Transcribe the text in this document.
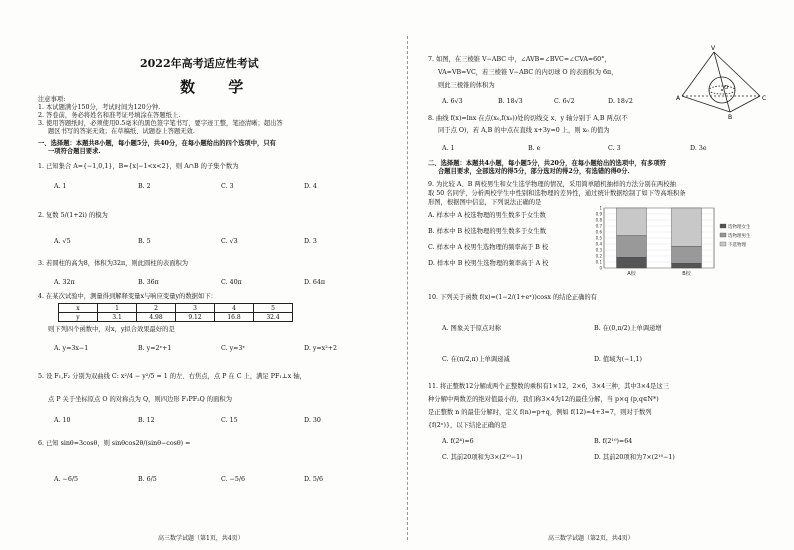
2022年高考适应性考试
数 学
注意事项:
1. 本试题满分150分，考试时间为120分钟.
2. 答卷前，务必将姓名和准考证号填涂在答题纸上.
3. 使用答题纸时，必须使用0.5毫米的黑色签字笔书写，要字迹工整，笔迹清晰；超出答
题区书写的答案无效；在草稿纸、试题卷上答题无效.
一、选择题：本题共8小题，每小题5分，共40分，在每小题给出的四个选项中，只有
一项符合题目要求.
1. 已知集合 A={−1,0,1}，B={x|−1<x<2}，则 A∩B 的子集个数为
A. 1	B. 2	C. 3	D. 4
2. 复数 5/(1+2i) 的模为
A. √5	B. 5	C. √3	D. 3
3. 若圆柱的高为8，体积为32π，则此圆柱的表面积为
A. 32π	B. 36π	C. 40π	D. 64π
4. 在某次试验中，测量得到解释变量x与响应变量y的数据如下：
x	1	2	3	4	5
y	3.1	4.98	9.12	16.8	32.4
则下列四个函数中，对x，y拟合效果最好的是
A. y=3x−1	B. y=2ˣ+1	C. y=3ˣ	D. y=x²+2
5. 设 F₁,F₂ 分别为双曲线 C: x²/4 − y²/5 = 1 的左、右焦点，点 P 在 C 上，满足 PF₁⊥x 轴，
点 P 关于坐标原点 O 的对称点为 Q，则四边形 F₁PF₂Q 的面积为
A. 10	B. 12	C. 15	D. 30
6. 已知 sinθ=3cosθ，则 sinθcos2θ/(sinθ−cosθ) =
A. −6/5	B. 6/5	C. −5/6	D. 5/6
高三数学试题（第1页，共4页）
7. 如图，在三棱锥 V−ABC 中，∠AVB=∠BVC=∠CVA=60°，
VA=VB=VC，若三棱锥 V−ABC 的内切球 O 的表面积为 6π，
则此三棱锥的体积为
A. 6√3	B. 18√3	C. 6√2	D. 18√2
V
O
A
B
C
8. 曲线 f(x)=lnx 在点(x₀,f(x₀))处的切线交 x、y 轴分别于 A,B 两点(不
同于点 O)，若 A,B 的中点在直线 x+3y=0 上，则 x₀ 的值为
A. 1	B. e	C. 3	D. 3e
二、选择题：本题共4小题，每小题5分，共20分，在每小题给出的选项中，有多项符
合题目要求，全部选对的得5分，部分选对的得2分，有选错的得0分.
9. 为比较 A、B 两校男生和女生选学物理的情况，采用简单随机抽样的方法分别在两校抽
取 50 名同学，分析两校学生中性别和选物理的差异性，通过统计数据绘制了如下等高堆积条
形图，根据图中信息，下列说法正确的是
A. 样本中 A 校选物理的男生数多于女生数
B. 样本中 B 校选物理的男生数多于女生数
C. 样本中 A 校男生选物理的频率高于 B 校
D. 样本中 B 校男生选物理的频率高于 A 校
0
0.1
0.2
0.3
0.4
0.5
0.6
0.7
0.8
0.9
1
A校	B校
选物理女生
选物理男生
不选物理
10. 下列关于函数 f(x)=(1−2/(1+eˣ))cosx 的结论正确的有
A. 图象关于原点对称	B. 在(0,π/2)上单调递增
C. 在(π/2,π)上单调递减	D. 值域为(−1,1)
11. 将正整数12分解成两个正整数的乘积有1×12，2×6，3×4三种，其中3×4是这三
种分解中两数差的绝对值最小的，我们称3×4为12的最佳分解，当 p×q (p,q∈N*)
是正整数 n 的最佳分解时，定义 f(n)=p+q，例如 f(12)=4+3=7，则对于数列
{f(2ⁿ)}，以下结论正确的是
A. f(2⁴)=6	B. f(2¹⁰)=64
C. 其前20项和为3×(2¹⁰−1)	D. 其前20项和为7×(2¹⁰−1)
高三数学试题（第2页，共4页）
